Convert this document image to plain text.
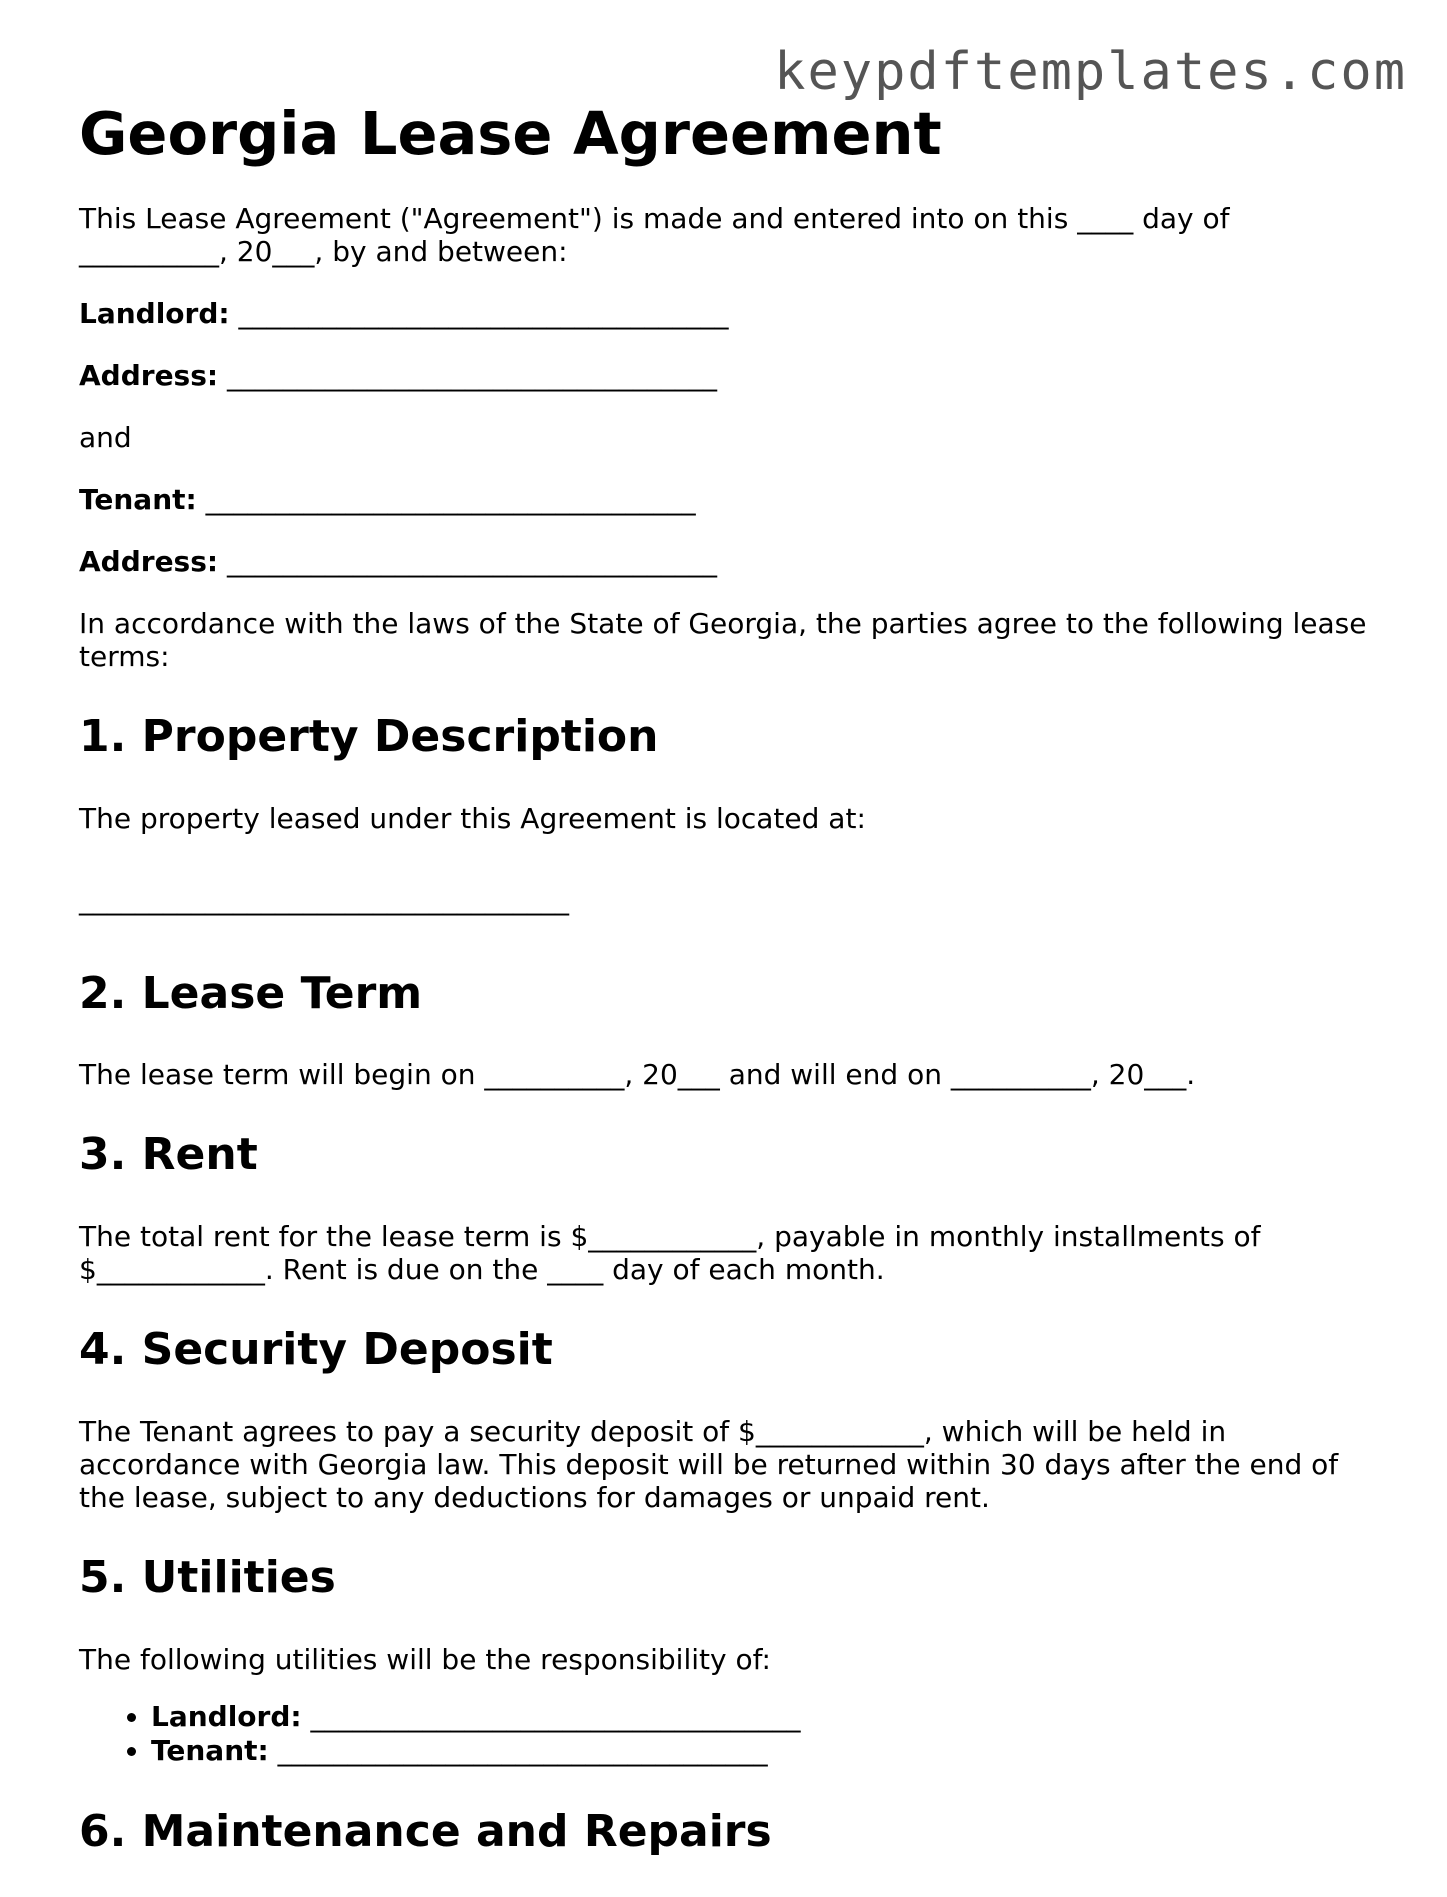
keypdftemplates.com
Georgia Lease Agreement

This Lease Agreement ("Agreement") is made and entered into on this ____ day of __________, 20___, by and between:

Landlord: ___________________________________
Address: ___________________________________

and

Tenant: ___________________________________
Address: ___________________________________

In accordance with the laws of the State of Georgia, the parties agree to the following lease terms:

1. Property Description

The property leased under this Agreement is located at:

___________________________________

2. Lease Term

The lease term will begin on __________, 20___ and will end on __________, 20___.

3. Rent

The total rent for the lease term is $____________, payable in monthly installments of $____________. Rent is due on the ____ day of each month.

4. Security Deposit

The Tenant agrees to pay a security deposit of $____________, which will be held in accordance with Georgia law. This deposit will be returned within 30 days after the end of the lease, subject to any deductions for damages or unpaid rent.

5. Utilities

The following utilities will be the responsibility of:

• Landlord: ___________________________________
• Tenant: ___________________________________
6. Maintenance and Repairs
